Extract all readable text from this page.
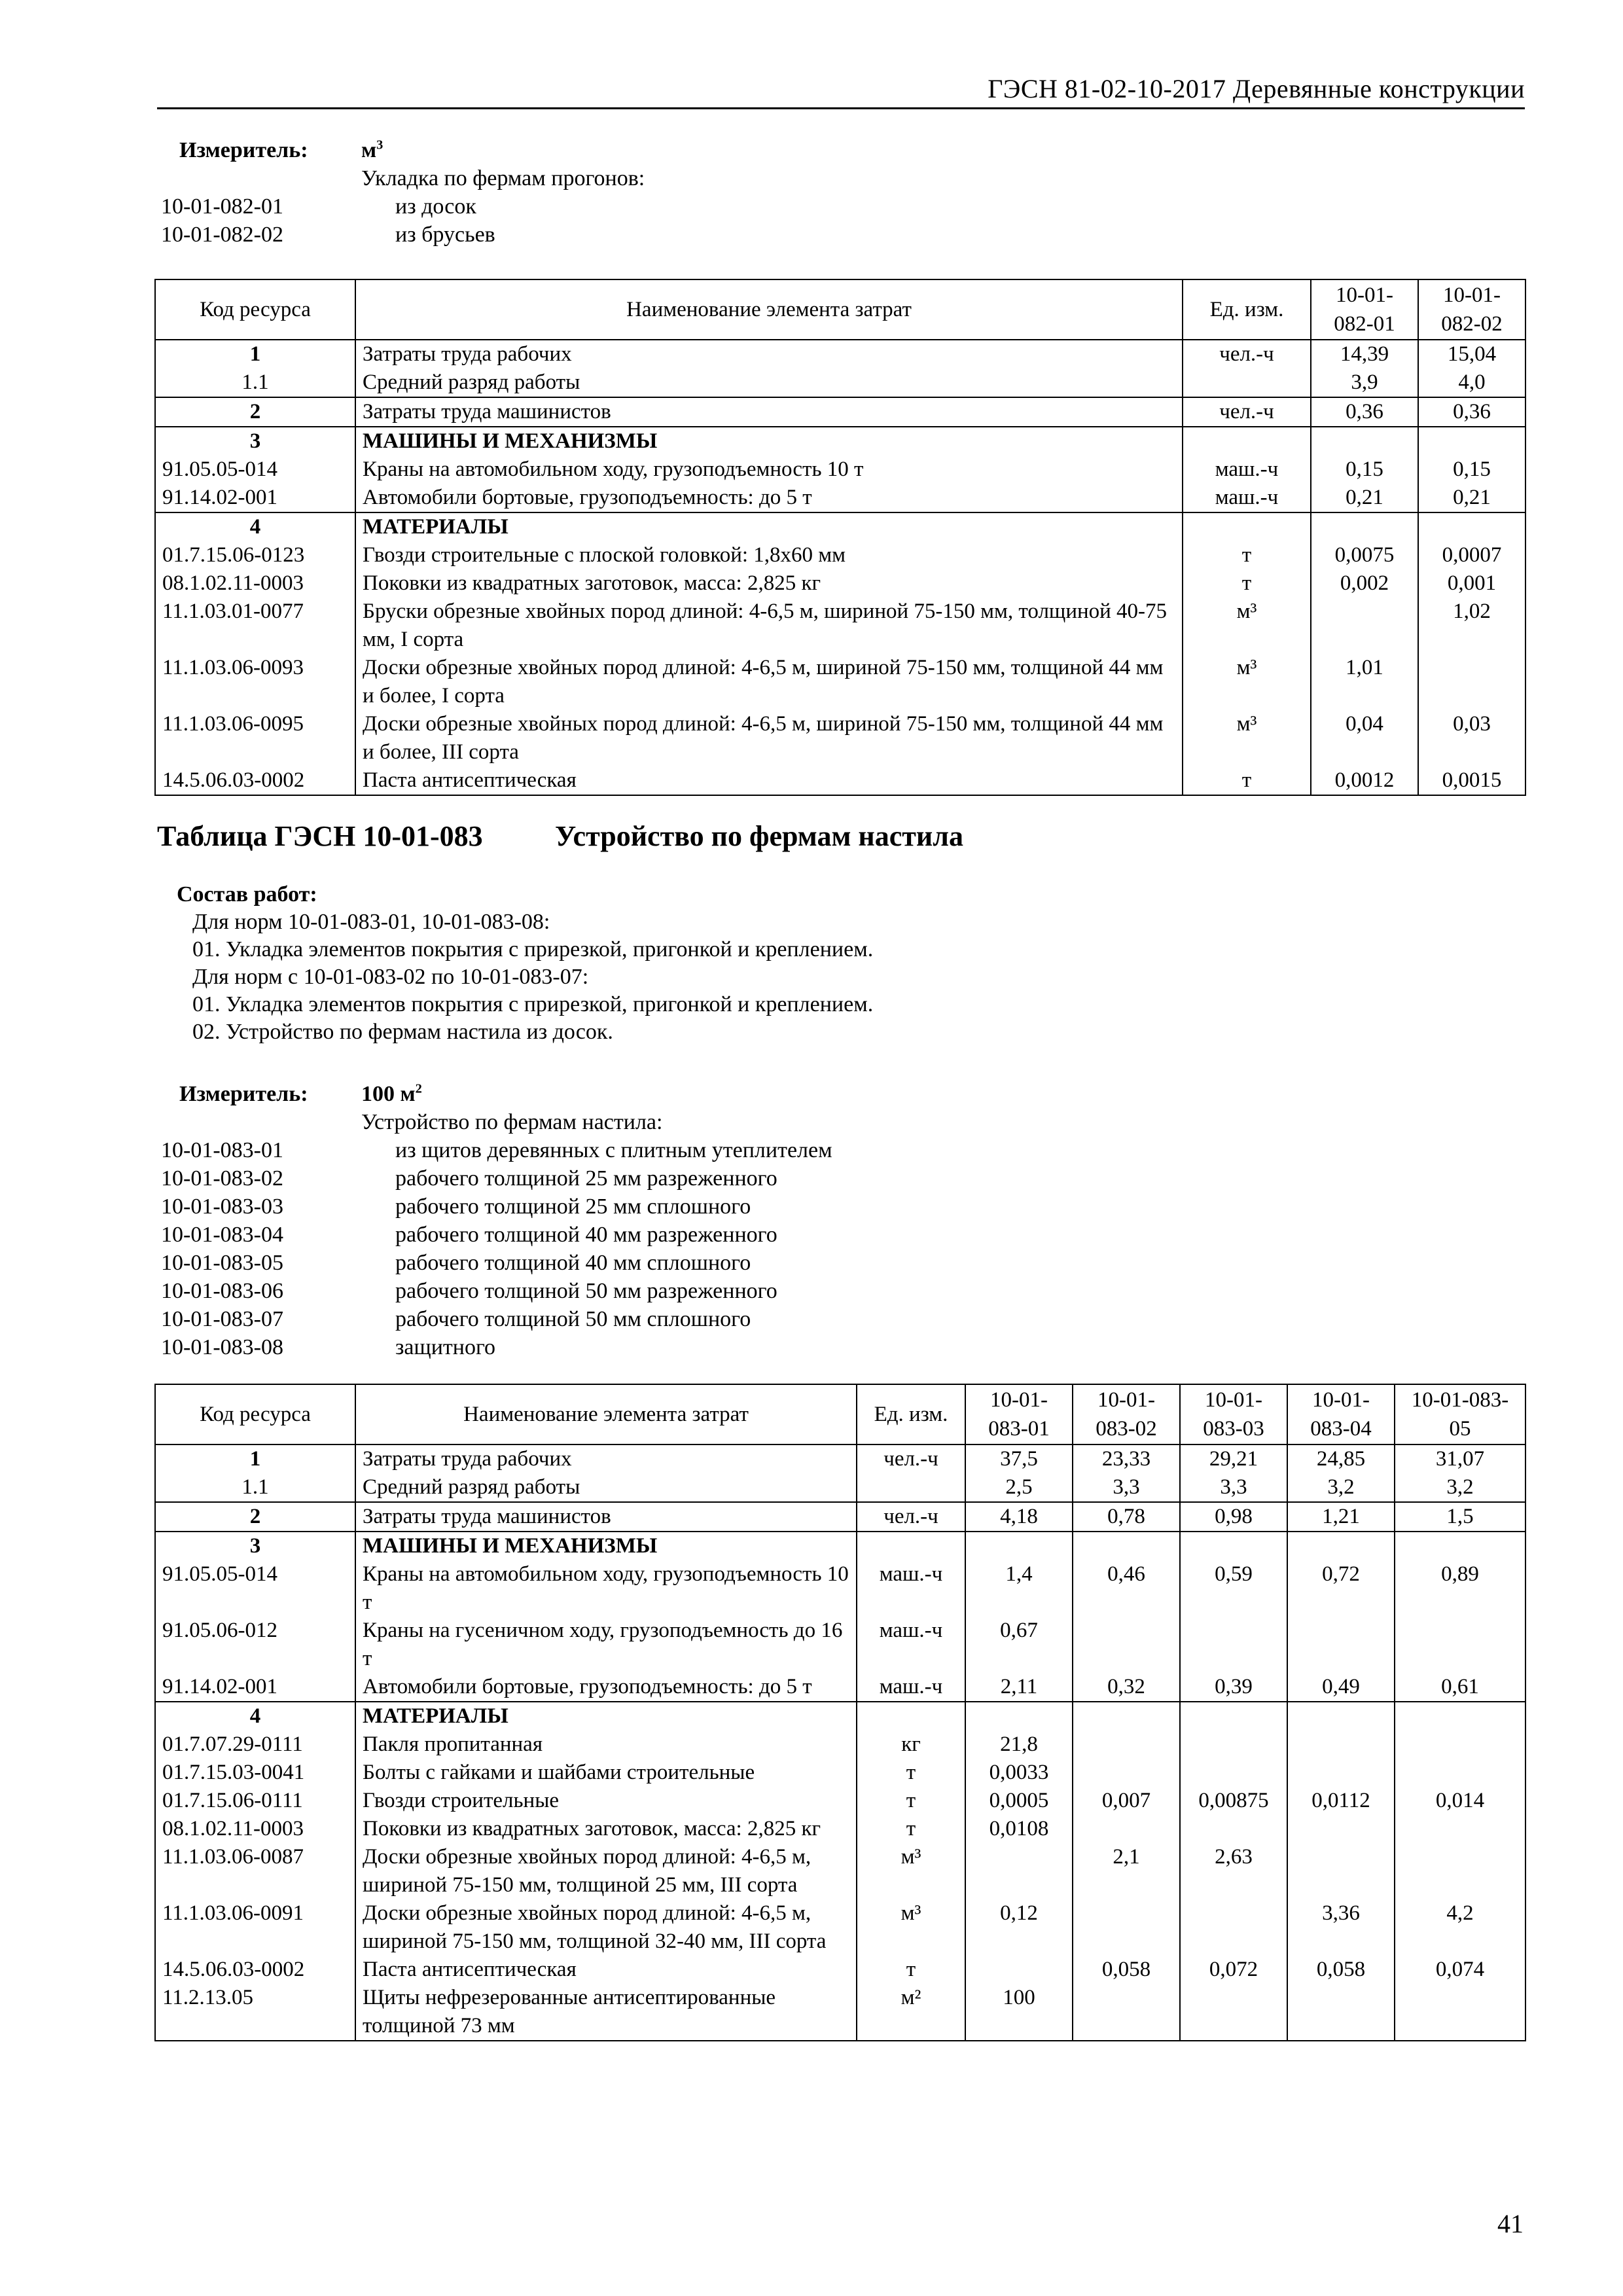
ГЭСН 81-02-10-2017 Деревянные конструкции
Измеритель:	$м^3$
Укладка по фермам прогонов:
10-01-082-01	из досок
10-01-082-02	из брусьев
Код ресурса	Наименование элемента затрат	Ед. изм.	10-01-082-01	10-01-082-02
1	Затраты труда рабочих	чел.-ч	14,39	15,04
1.1	Средний разряд работы		3,9	4,0
2	Затраты труда машинистов	чел.-ч	0,36	0,36
3	МАШИНЫ И МЕХАНИЗМЫ			
91.05.05-014	Краны на автомобильном ходу, грузоподъемность 10 т	маш.-ч	0,15	0,15
91.14.02-001	Автомобили бортовые, грузоподъемность: до 5 т	маш.-ч	0,21	0,21
4	МАТЕРИАЛЫ			
01.7.15.06-0123	Гвозди строительные с плоской головкой: 1,8x60 мм	т	0,0075	0,0007
08.1.02.11-0003	Поковки из квадратных заготовок, масса: 2,825 кг	т	0,002	0,001
11.1.03.01-0077	Бруски обрезные хвойных пород длиной: 4-6,5 м, шириной 75-150 мм, толщиной 40-75 мм, I сорта	м³		1,02
11.1.03.06-0093	Доски обрезные хвойных пород длиной: 4-6,5 м, шириной 75-150 мм, толщиной 44 мм и более, I сорта	м³	1,01	
11.1.03.06-0095	Доски обрезные хвойных пород длиной: 4-6,5 м, шириной 75-150 мм, толщиной 44 мм и более, III сорта	м³	0,04	0,03
14.5.06.03-0002	Паста антисептическая	т	0,0012	0,0015
Таблица ГЭСН 10-01-083	Устройство по фермам настила
Состав работ:
Для норм 10-01-083-01, 10-01-083-08:
01. Укладка элементов покрытия с прирезкой, пригонкой и креплением.
Для норм с 10-01-083-02 по 10-01-083-07:
01. Укладка элементов покрытия с прирезкой, пригонкой и креплением.
02. Устройство по фермам настила из досок.
Измеритель:	100 $м^2$
Устройство по фермам настила:
10-01-083-01	из щитов деревянных с плитным утеплителем
10-01-083-02	рабочего толщиной 25 мм разреженного
10-01-083-03	рабочего толщиной 25 мм сплошного
10-01-083-04	рабочего толщиной 40 мм разреженного
10-01-083-05	рабочего толщиной 40 мм сплошного
10-01-083-06	рабочего толщиной 50 мм разреженного
10-01-083-07	рабочего толщиной 50 мм сплошного
10-01-083-08	защитного
Код ресурса	Наименование элемента затрат	Ед. изм.	10-01-083-01	10-01-083-02	10-01-083-03	10-01-083-04	10-01-083-05
1	Затраты труда рабочих	чел.-ч	37,5	23,33	29,21	24,85	31,07
1.1	Средний разряд работы		2,5	3,3	3,3	3,2	3,2
2	Затраты труда машинистов	чел.-ч	4,18	0,78	0,98	1,21	1,5
3	МАШИНЫ И МЕХАНИЗМЫ						
91.05.05-014	Краны на автомобильном ходу, грузоподъемность 10 т	маш.-ч	1,4	0,46	0,59	0,72	0,89
91.05.06-012	Краны на гусеничном ходу, грузоподъемность до 16 т	маш.-ч	0,67				
91.14.02-001	Автомобили бортовые, грузоподъемность: до 5 т	маш.-ч	2,11	0,32	0,39	0,49	0,61
4	МАТЕРИАЛЫ						
01.7.07.29-0111	Пакля пропитанная	кг	21,8				
01.7.15.03-0041	Болты с гайками и шайбами строительные	т	0,0033				
01.7.15.06-0111	Гвозди строительные	т	0,0005	0,007	0,00875	0,0112	0,014
08.1.02.11-0003	Поковки из квадратных заготовок, масса: 2,825 кг	т	0,0108				
11.1.03.06-0087	Доски обрезные хвойных пород длиной: 4-6,5 м, шириной 75-150 мм, толщиной 25 мм, III сорта	м³		2,1	2,63		
11.1.03.06-0091	Доски обрезные хвойных пород длиной: 4-6,5 м, шириной 75-150 мм, толщиной 32-40 мм, III сорта	м³	0,12			3,36	4,2
14.5.06.03-0002	Паста антисептическая	т		0,058	0,072	0,058	0,074
11.2.13.05	Щиты нефрезерованные антисептированные толщиной 73 мм	м²	100				
41
